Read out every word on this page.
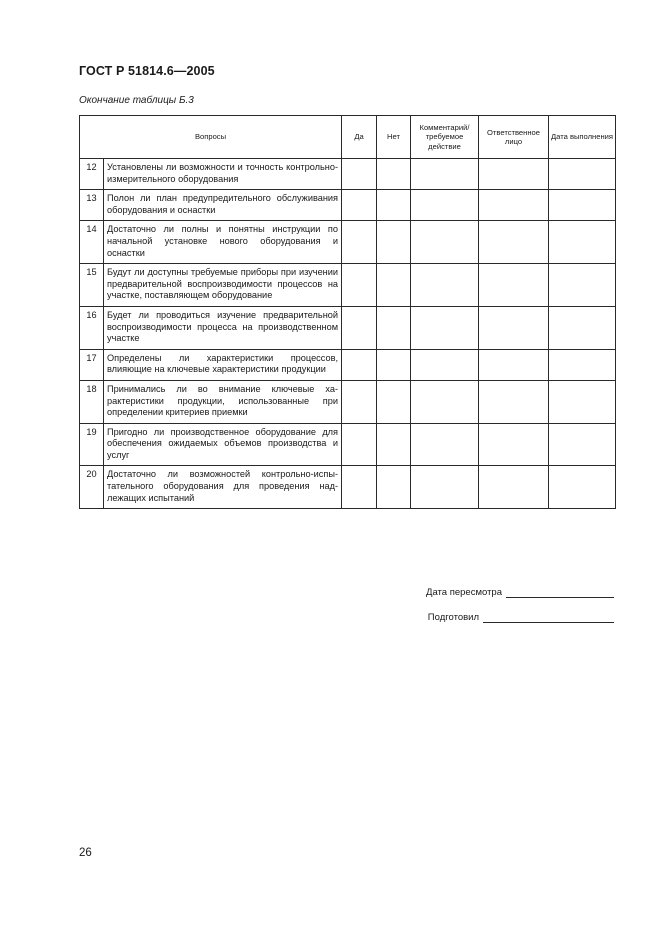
ГОСТ Р 51814.6—2005
Окончание таблицы Б.3
Вопросы		Да	Нет	Комментарий/ требуемое действие	Ответственное лицо	Дата выполнения
12	Установлены ли возможности и точность контрольно-измерительного оборудования					
13	Полон ли план предупредительного обслуживания оборудования и оснастки					
14	Достаточно ли полны и понятны инструкции по начальной установке нового оборудования и оснастки					
15	Будут ли доступны требуемые приборы при изучении предварительной воспроизводимости процессов на участке, поставляющем оборудование					
16	Будет ли проводиться изучение предварительной воспроизводимости процесса на производственном участке					
17	Определены ли характеристики процессов, влияющие на ключевые характеристики продукции					
18	Принимались ли во внимание ключевые характеристики продукции, использованные при определении критериев приемки					
19	Пригодно ли производственное оборудование для обеспечения ожидаемых объемов производства и услуг					
20	Достаточно ли возможностей контрольно-испытательного оборудования для проведения надлежащих испытаний					
Дата пересмотра
Подготовил
26
